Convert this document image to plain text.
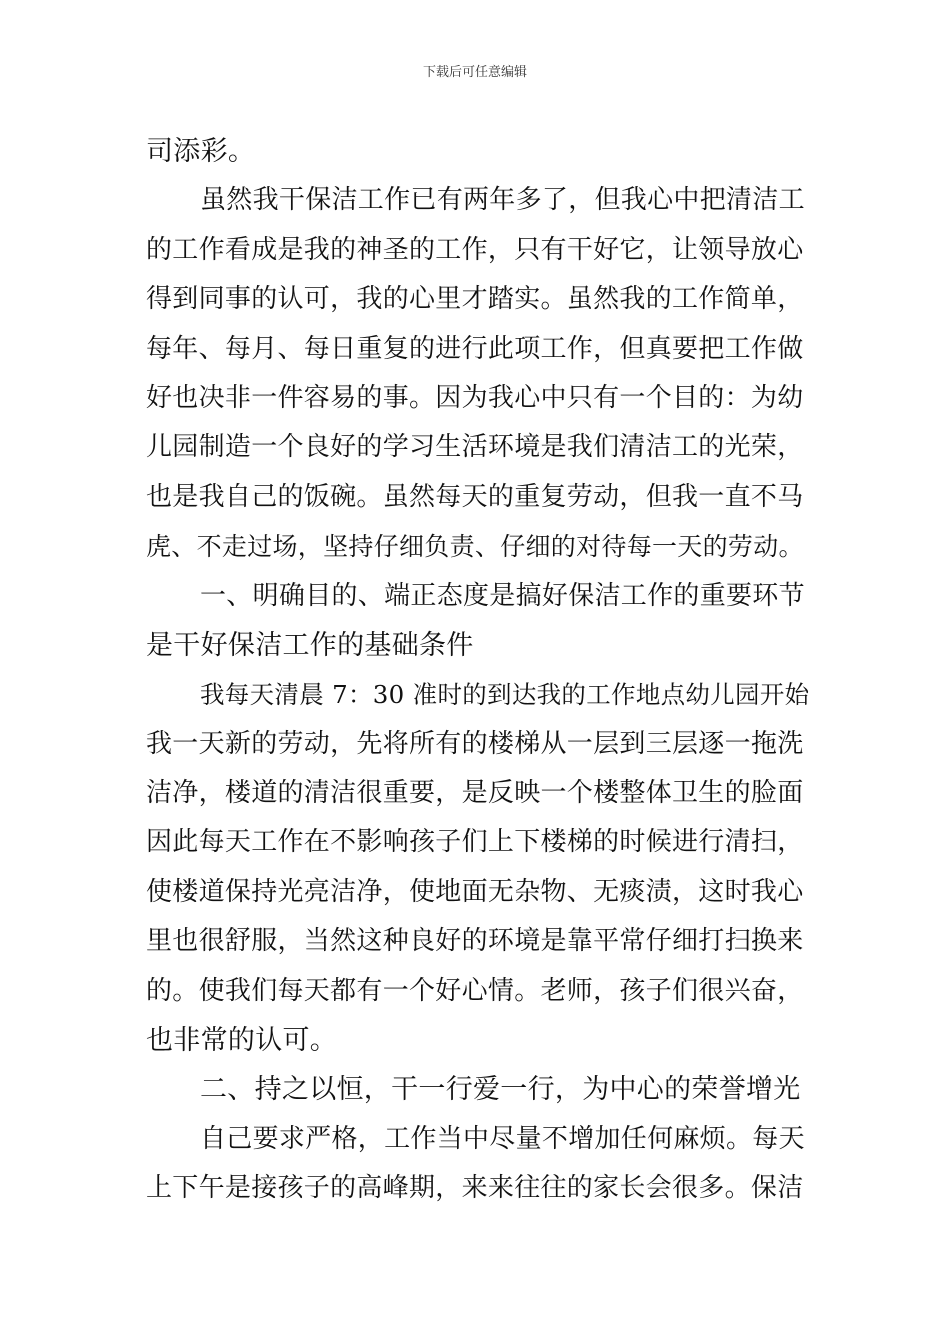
下载后可任意编辑
司添彩。
虽然我干保洁工作已有两年多了，但我心中把清洁工
的工作看成是我的神圣的工作，只有干好它，让领导放心
得到同事的认可，我的心里才踏实。虽然我的工作简单，
每年、每月、每日重复的进行此项工作，但真要把工作做
好也决非一件容易的事。因为我心中只有一个目的：为幼
儿园制造一个良好的学习生活环境是我们清洁工的光荣，
也是我自己的饭碗。虽然每天的重复劳动，但我一直不马
虎、不走过场，坚持仔细负责、仔细的对待每一天的劳动。
一、明确目的、端正态度是搞好保洁工作的重要环节
是干好保洁工作的基础条件
我每天清晨 7：30 准时的到达我的工作地点幼儿园开始
我一天新的劳动，先将所有的楼梯从一层到三层逐一拖洗
洁净，楼道的清洁很重要，是反映一个楼整体卫生的脸面
因此每天工作在不影响孩子们上下楼梯的时候进行清扫，
使楼道保持光亮洁净，使地面无杂物、无痰渍，这时我心
里也很舒服，当然这种良好的环境是靠平常仔细打扫换来
的。使我们每天都有一个好心情。老师，孩子们很兴奋，
也非常的认可。
二、持之以恒，干一行爱一行，为中心的荣誉增光
自己要求严格，工作当中尽量不增加任何麻烦。每天
上下午是接孩子的高峰期，来来往往的家长会很多。保洁
